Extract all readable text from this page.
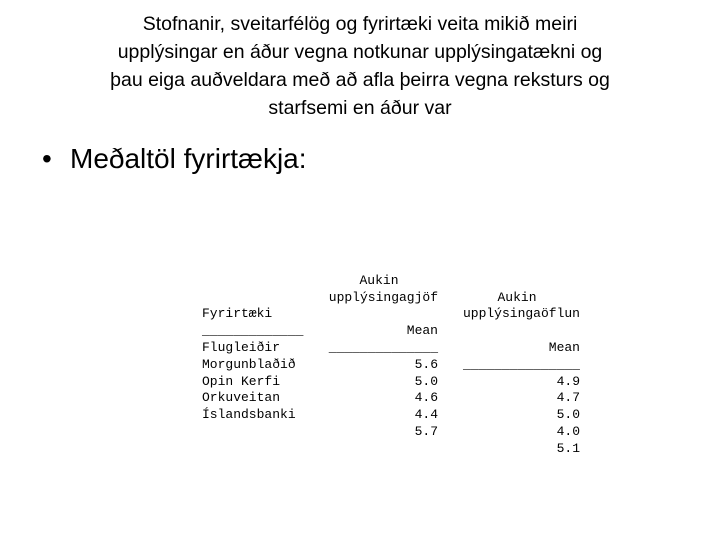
Stofnanir, sveitarfélög og fyrirtæki veita mikið meiri
upplýsingar en áður vegna notkunar upplýsingatækni og
þau eiga auðveldara með að afla þeirra vegna reksturs og
starfsemi en áður var
• Meðaltöl fyrirtækja:

Aukin

Aukin

upplýsingagjöf

upplýsingaöflun

Fyrirtæki

Mean

Mean

_____________

______________

_______________

Flugleiðir

5.6

4.9

Morgunblaðið

5.0

4.7

Opin Kerfi

4.6

5.0

Orkuveitan

4.4

4.0

Íslandsbanki

5.7

5.1
